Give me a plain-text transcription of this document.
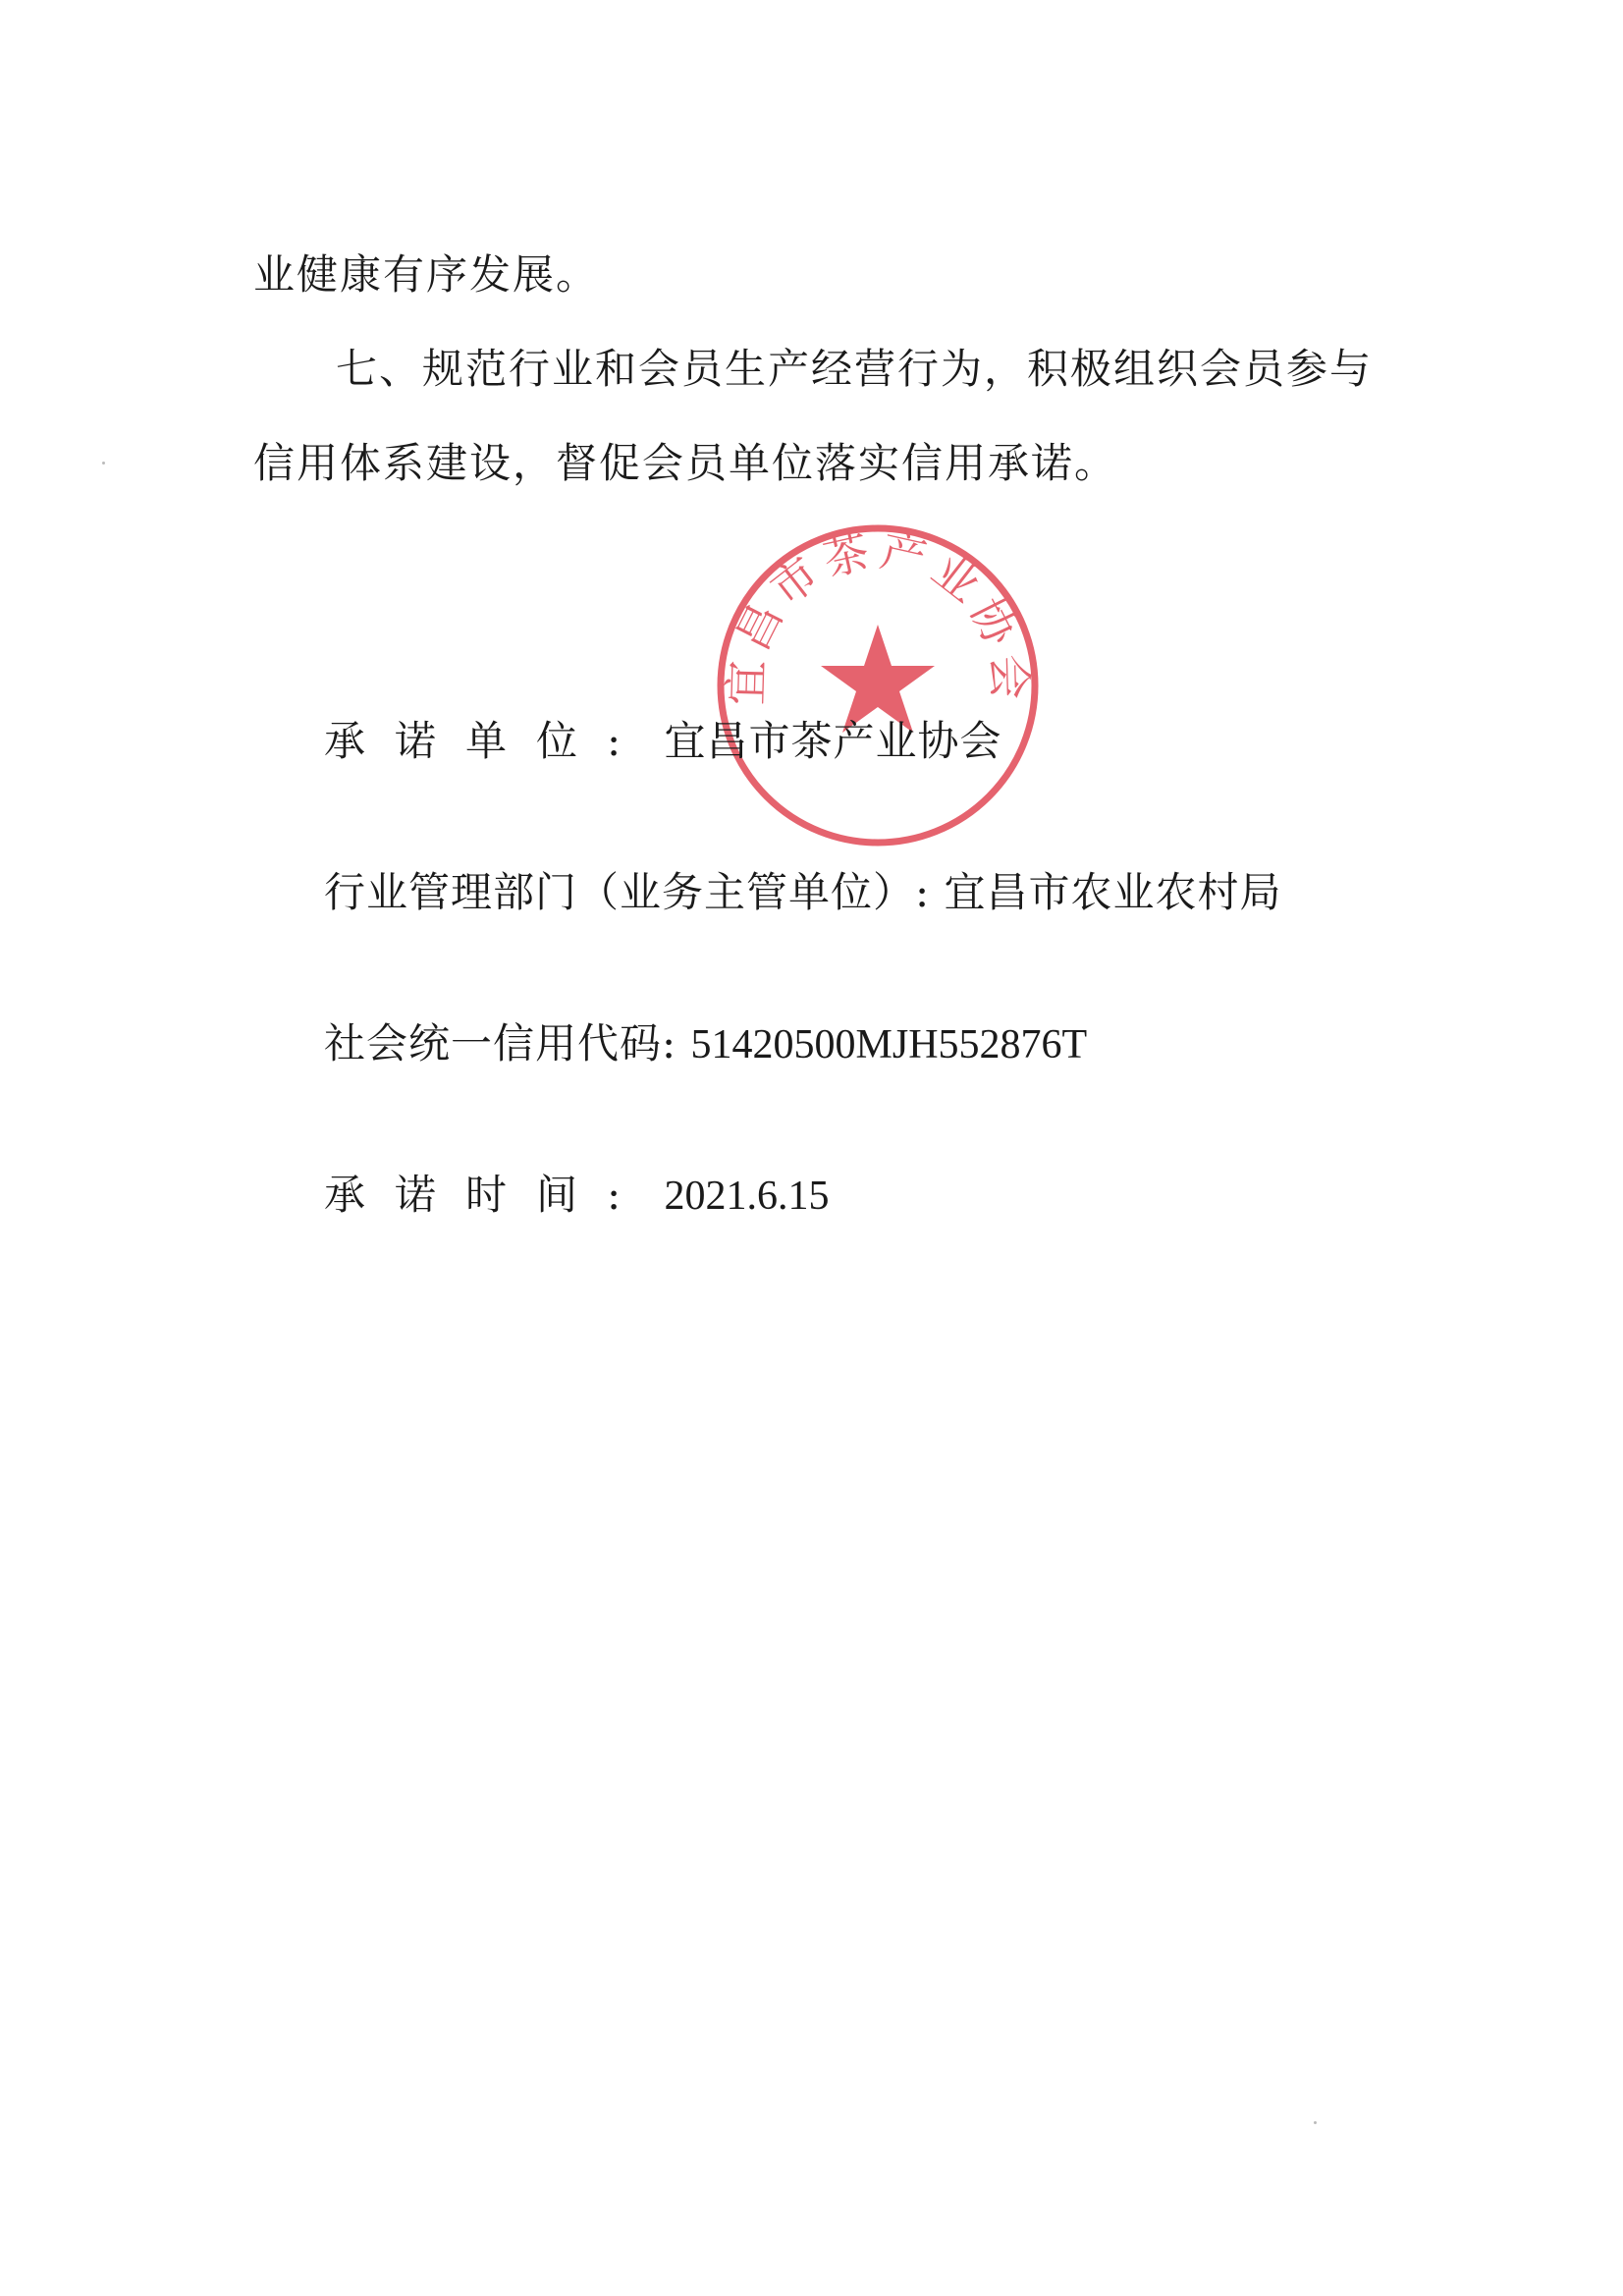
业健康有序发展。

七、规范行业和会员生产经营行为，积极组织会员参与信用体系建设，督促会员单位落实信用承诺。

宜昌市茶产业协会
承诺单位: 宜昌市茶产业协会
行业管理部门（业务主管单位）: 宜昌市农业农村局
社会统一信用代码: 51420500MJH552876T
承诺时间: 2021.6.15
